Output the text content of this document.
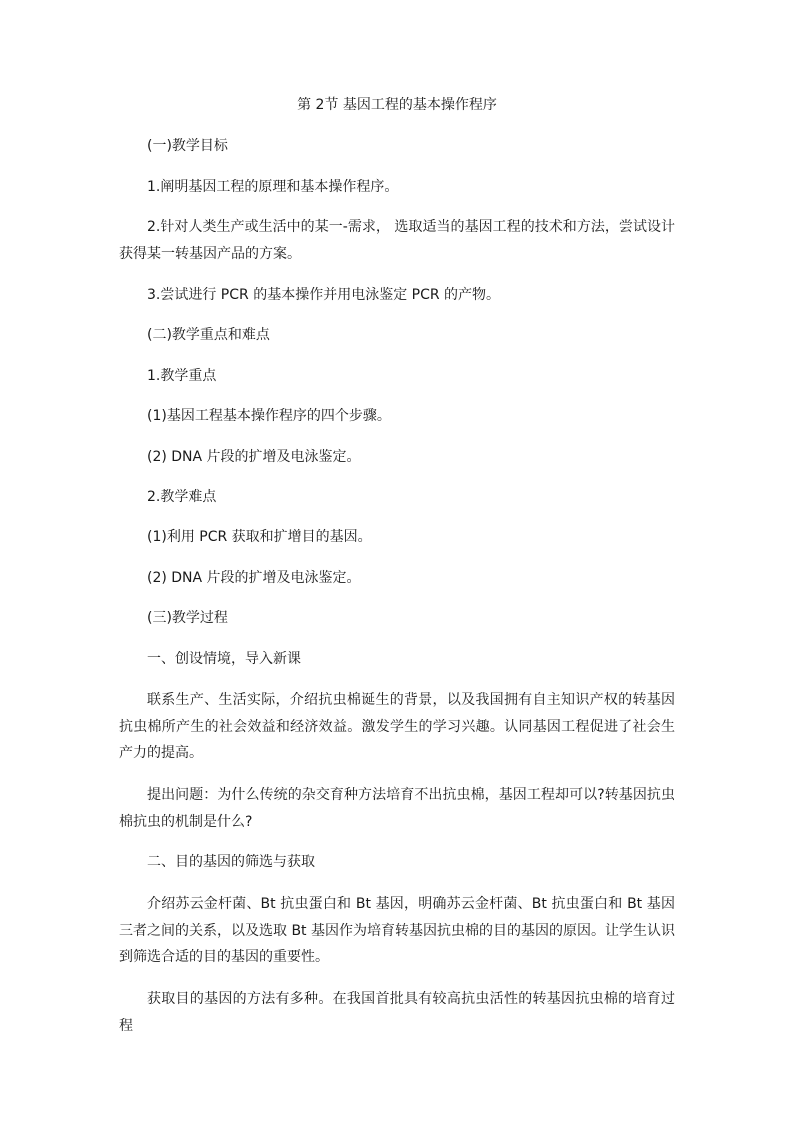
第 2节 基因工程的基本操作程序

(一)教学目标

1.阐明基因工程的原理和基本操作程序。

2.针对人类生产或生活中的某一-需求， 选取适当的基因工程的技术和方法，尝试设计获得某一转基因产品的方案。

3.尝试进行 PCR 的基本操作并用电泳鉴定 PCR 的产物。

(二)教学重点和难点

1.教学重点

(1)基因工程基本操作程序的四个步骤。

(2) DNA 片段的扩增及电泳鉴定。

2.教学难点

(1)利用 PCR 获取和扩增目的基因。

(2) DNA 片段的扩增及电泳鉴定。

(三)教学过程

一、创设情境，导入新课

联系生产、生活实际，介绍抗虫棉诞生的背景，以及我国拥有自主知识产权的转基因抗虫棉所产生的社会效益和经济效益。激发学生的学习兴趣。认同基因工程促进了社会生产力的提高。

提出问题：为什么传统的杂交育种方法培育不出抗虫棉，基因工程却可以?转基因抗虫棉抗虫的机制是什么?

二、目的基因的筛选与获取

介绍苏云金杆菌、Bt 抗虫蛋白和 Bt 基因，明确苏云金杆菌、Bt 抗虫蛋白和 Bt 基因三者之间的关系，以及选取 Bt 基因作为培育转基因抗虫棉的目的基因的原因。让学生认识到筛选合适的目的基因的重要性。

获取目的基因的方法有多种。在我国首批具有较高抗虫活性的转基因抗虫棉的培育过程
